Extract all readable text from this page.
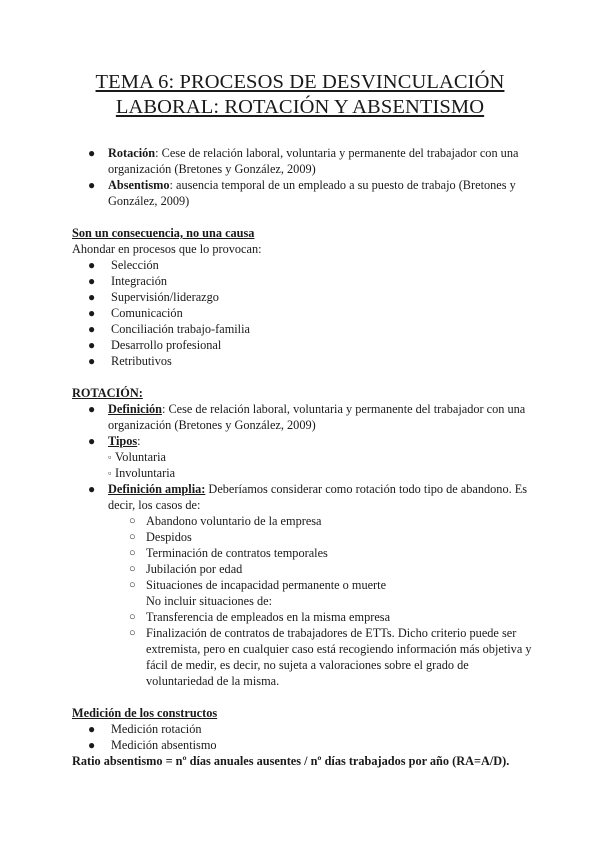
TEMA 6: PROCESOS DE DESVINCULACIÓN
LABORAL: ROTACIÓN Y ABSENTISMO
● Rotación: Cese de relación laboral, voluntaria y permanente del trabajador con una
organización (Bretones y González, 2009)
● Absentismo: ausencia temporal de un empleado a su puesto de trabajo (Bretones y
González, 2009)
Son un consecuencia, no una causa
Ahondar en procesos que lo provocan:
● Selección
● Integración
● Supervisión/liderazgo
● Comunicación
● Conciliación trabajo-familia
● Desarrollo profesional
● Retributivos
ROTACIÓN:
● Definición: Cese de relación laboral, voluntaria y permanente del trabajador con una
organización (Bretones y González, 2009)
● Tipos:
▫ Voluntaria
▫ Involuntaria
● Definición amplia: Deberíamos considerar como rotación todo tipo de abandono. Es
decir, los casos de:
○ Abandono voluntario de la empresa
○ Despidos
○ Terminación de contratos temporales
○ Jubilación por edad
○ Situaciones de incapacidad permanente o muerte
No incluir situaciones de:
○ Transferencia de empleados en la misma empresa
○ Finalización de contratos de trabajadores de ETTs. Dicho criterio puede ser
extremista, pero en cualquier caso está recogiendo información más objetiva y
fácil de medir, es decir, no sujeta a valoraciones sobre el grado de
voluntariedad de la misma.
Medición de los constructos
● Medición rotación
● Medición absentismo
Ratio absentismo = nº días anuales ausentes / nº días trabajados por año (RA=A/D).
